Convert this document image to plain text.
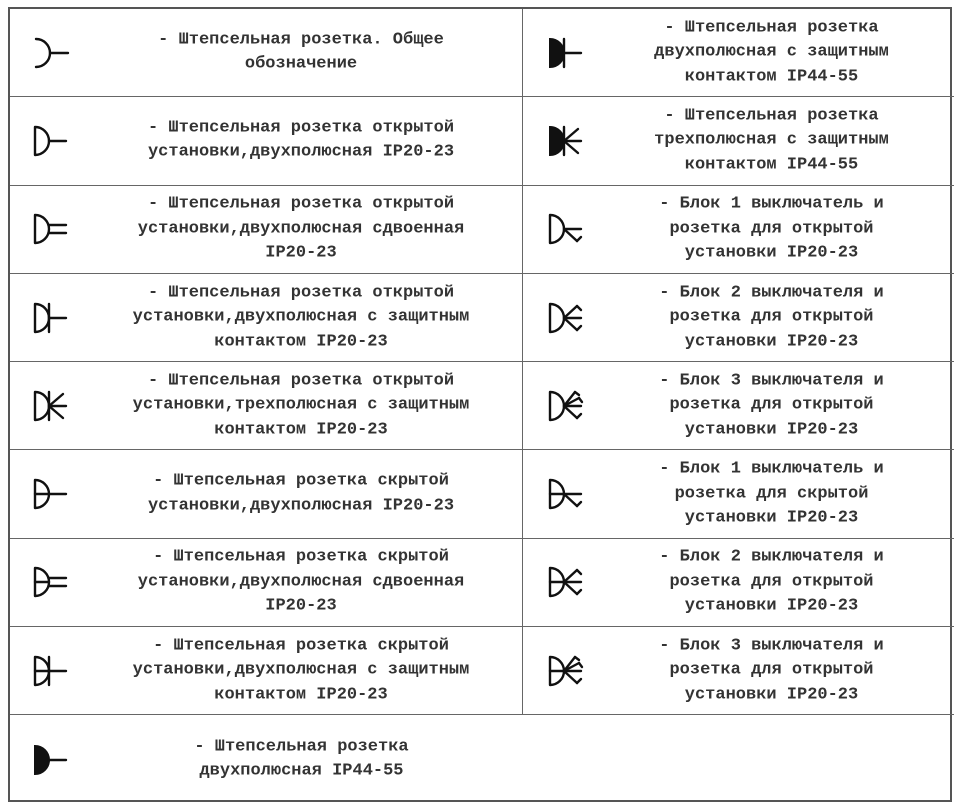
- Штепсельная розетка. Общее
обозначение
- Штепсельная розетка
двухполюсная с защитным
контактом IP44-55
- Штепсельная розетка открытой
установки,двухполюсная IP20-23
- Штепсельная розетка
трехполюсная с защитным
контактом IP44-55
- Штепсельная розетка открытой
установки,двухполюсная сдвоенная
IP20-23
- Блок 1 выключатель и
розетка для открытой
установки IP20-23
- Штепсельная розетка открытой
установки,двухполюсная с защитным
контактом IP20-23
- Блок 2 выключателя и
розетка для открытой
установки IP20-23
- Штепсельная розетка открытой
установки,трехполюсная с защитным
контактом IP20-23
- Блок 3 выключателя и
розетка для открытой
установки IP20-23
- Штепсельная розетка скрытой
установки,двухполюсная IP20-23
- Блок 1 выключатель и
розетка для скрытой
установки IP20-23
- Штепсельная розетка скрытой
установки,двухполюсная сдвоенная
IP20-23
- Блок 2 выключателя и
розетка для открытой
установки IP20-23
- Штепсельная розетка скрытой
установки,двухполюсная с защитным
контактом IP20-23
- Блок 3 выключателя и
розетка для открытой
установки IP20-23
- Штепсельная розетка
двухполюсная IP44-55
